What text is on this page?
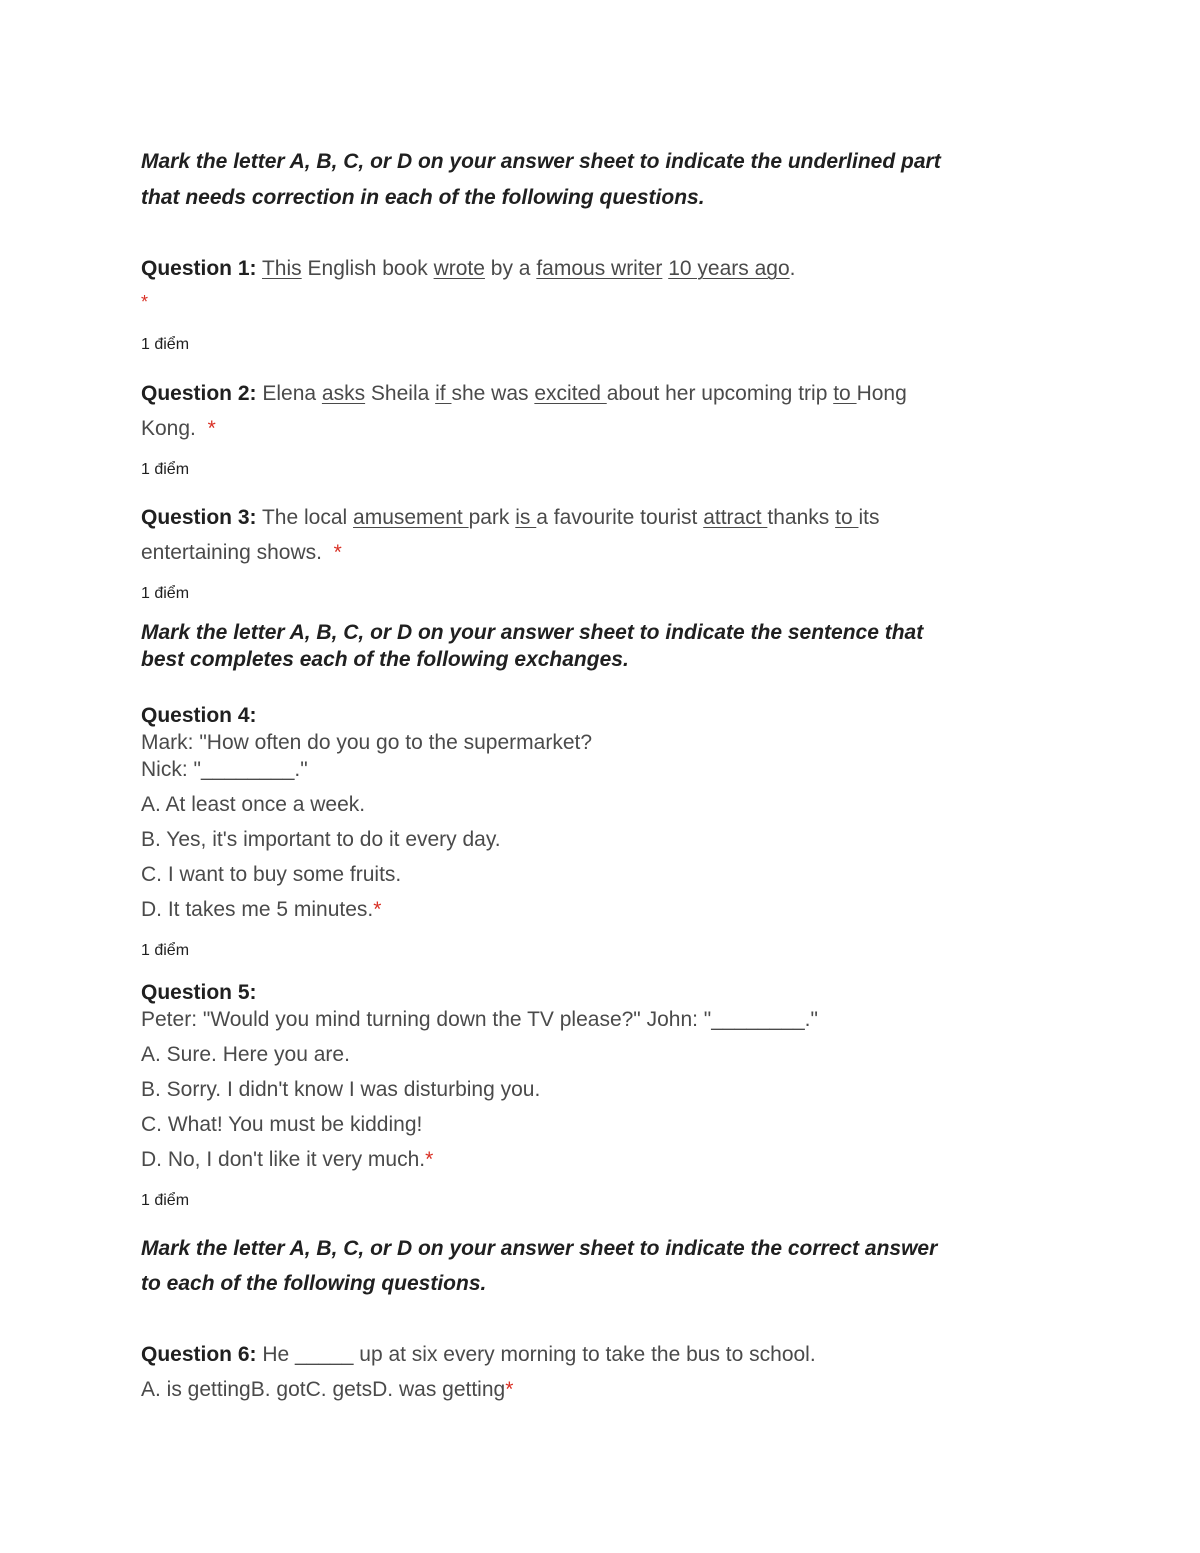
Mark the letter A, B, C, or D on your answer sheet to indicate the underlined part
that needs correction in each of the following questions.
Question 1: This English book wrote by a famous writer 10 years ago.
*
1 điểm
Question 2: Elena asks Sheila if she was excited about her upcoming trip to Hong
Kong. *
1 điểm
Question 3: The local amusement park is a favourite tourist attract thanks to its
entertaining shows. *
1 điểm
Mark the letter A, B, C, or D on your answer sheet to indicate the sentence that
best completes each of the following exchanges.
Question 4:
Mark: "How often do you go to the supermarket?
Nick: "________."
A. At least once a week.
B. Yes, it's important to do it every day.
C. I want to buy some fruits.
D. It takes me 5 minutes.*
1 điểm
Question 5:
Peter: "Would you mind turning down the TV please?" John: "________."
A. Sure. Here you are.
B. Sorry. I didn't know I was disturbing you.
C. What! You must be kidding!
D. No, I don't like it very much.*
1 điểm
Mark the letter A, B, C, or D on your answer sheet to indicate the correct answer
to each of the following questions.
Question 6: He _____ up at six every morning to take the bus to school.
A. is gettingB. gotC. getsD. was getting*
